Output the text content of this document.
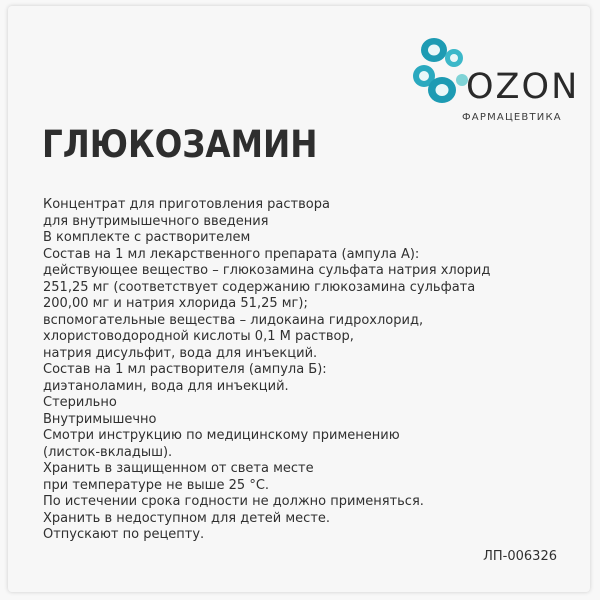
OZON
ФАРМАЦЕВТИКА
ГЛЮКОЗАМИН
Концентрат для приготовления раствора
для внутримышечного введения
В комплекте с растворителем
Состав на 1 мл лекарственного препарата (ампула А):
действующее вещество – глюкозамина сульфата натрия хлорид
251,25 мг (соответствует содержанию глюкозамина сульфата
200,00 мг и натрия хлорида 51,25 мг);
вспомогательные вещества – лидокаина гидрохлорид,
хлористоводородной кислоты 0,1 М раствор,
натрия дисульфит, вода для инъекций.
Состав на 1 мл растворителя (ампула Б):
диэтаноламин, вода для инъекций.
Стерильно
Внутримышечно
Смотри инструкцию по медицинскому применению
(листок-вкладыш).
Хранить в защищенном от света месте
при температуре не выше 25 °С.
По истечении срока годности не должно применяться.
Хранить в недоступном для детей месте.
Отпускают по рецепту.
ЛП-006326
